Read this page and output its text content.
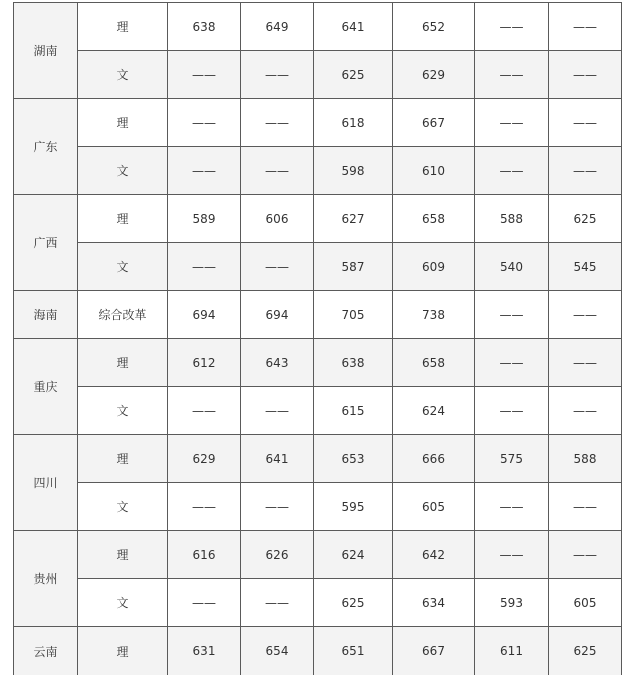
湖南	理	638	649	641	652	——	——
	文	——	——	625	629	——	——
广东	理	——	——	618	667	——	——
	文	——	——	598	610	——	——
广西	理	589	606	627	658	588	625
	文	——	——	587	609	540	545
海南	综合改革	694	694	705	738	——	——
重庆	理	612	643	638	658	——	——
	文	——	——	615	624	——	——
四川	理	629	641	653	666	575	588
	文	——	——	595	605	——	——
贵州	理	616	626	624	642	——	——
	文	——	——	625	634	593	605
云南	理	631	654	651	667	611	625
